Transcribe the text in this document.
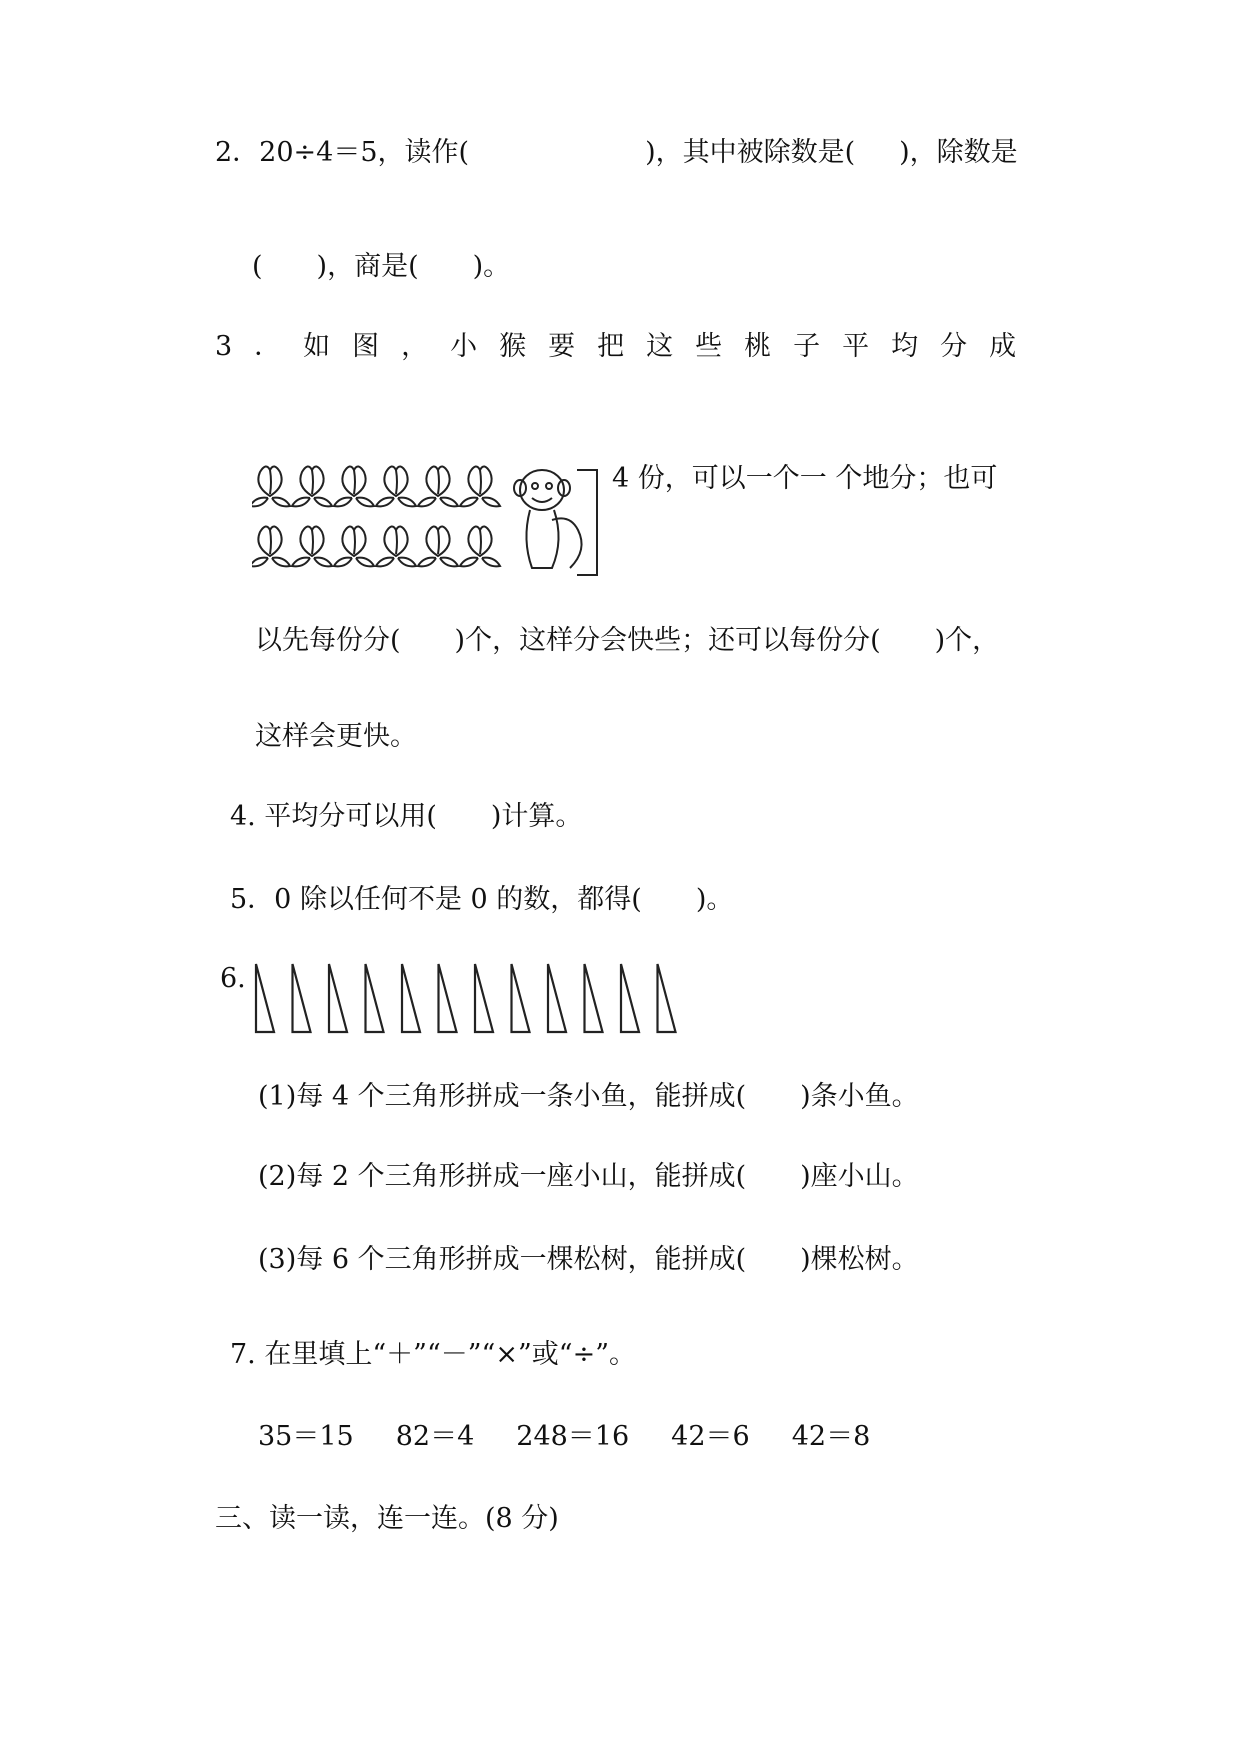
2．20÷4＝5，读作(	)，其中被除数是( )，除数是
(　　)，商是(　　)。
3．如图，小猴要把这些桃子平均分成
4 份，可以一个一 个地分；也可
以先每份分(　　)个，这样分会快些；还可以每份分(　　)个，
这样会更快。
4. 平均分可以用(　　)计算。
5．0 除以任何不是 0 的数，都得(　　)。
6.
(1)每 4 个三角形拼成一条小鱼，能拼成(　　)条小鱼。
(2)每 2 个三角形拼成一座小山，能拼成(　　)座小山。
(3)每 6 个三角形拼成一棵松树，能拼成(　　)棵松树。
7. 在里填上“＋”“－”“×”或“÷”。
35＝15 82＝4 248＝16 42＝6 42＝8
三、读一读，连一连。(8 分)
